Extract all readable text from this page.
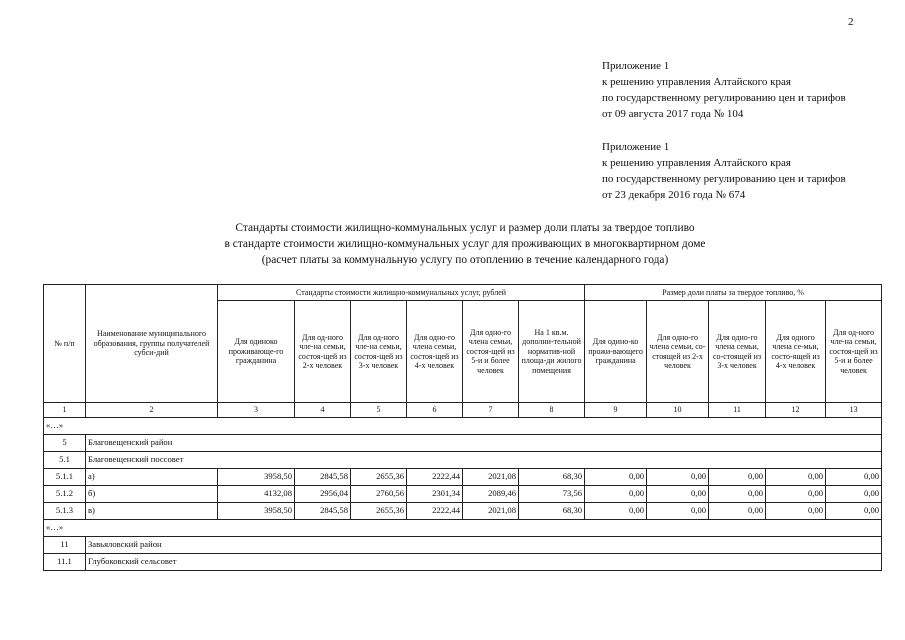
2
Приложение 1
к решению управления Алтайского края
по государственному регулированию цен и тарифов
от 09 августа 2017 года № 104
Приложение 1
к решению управления Алтайского края
по государственному регулированию цен и тарифов
от 23 декабря 2016 года № 674
Стандарты стоимости жилищно-коммунальных услуг и размер доли платы за твердое топливо
в стандарте стоимости жилищно-коммунальных услуг для проживающих в многоквартирном доме
(расчет платы за коммунальную услугу по отоплению в течение календарного года)
№ п/п	Наименование муниципального образования, группы получателей субси-дий	Стандарты стоимости жилищно-коммунальных услуг, рублей						Размер доли платы за твердое топливо, %				
		Для одиноко проживающе-го гражданина	Для од-ного чле-на семьи, состоя-щей из 2-х человек	Для од-ного чле-на семьи, состоя-щей из 3-х человек	Для одно-го члена семьи, состоя-щей из 4-х человек	Для одно-го члена семьи, состоя-щей из 5-и и более человек	На 1 кв.м. дополни-тельной норматив-ной площа-ди жилого помещения	Для одино-ко прожи-вающего гражданина	Для одно-го члена семьи, со-стоящей из 2-х человек	Для одно-го члена семьи, со-стоящей из 3-х человек	Для одного члена се-мьи, состо-ящей из 4-х человек	Для од-ного чле-на семьи, состоя-щей из 5-и и более человек
1	2	3	4	5	6	7	8	9	10	11	12	13
«…»												
5	Благовещенский район											
5.1	Благовещенский поссовет											
5.1.1	а)	3958,50	2845,58	2655,36	2222,44	2021,08	68,30	0,00	0,00	0,00	0,00	0,00
5.1.2	б)	4132,08	2956,04	2760,56	2301,34	2089,46	73,56	0,00	0,00	0,00	0,00	0,00
5.1.3	в)	3958,50	2845,58	2655,36	2222,44	2021,08	68,30	0,00	0,00	0,00	0,00	0,00
«…»												
11	Завьяловский район											
11.1	Глубоковский сельсовет											
